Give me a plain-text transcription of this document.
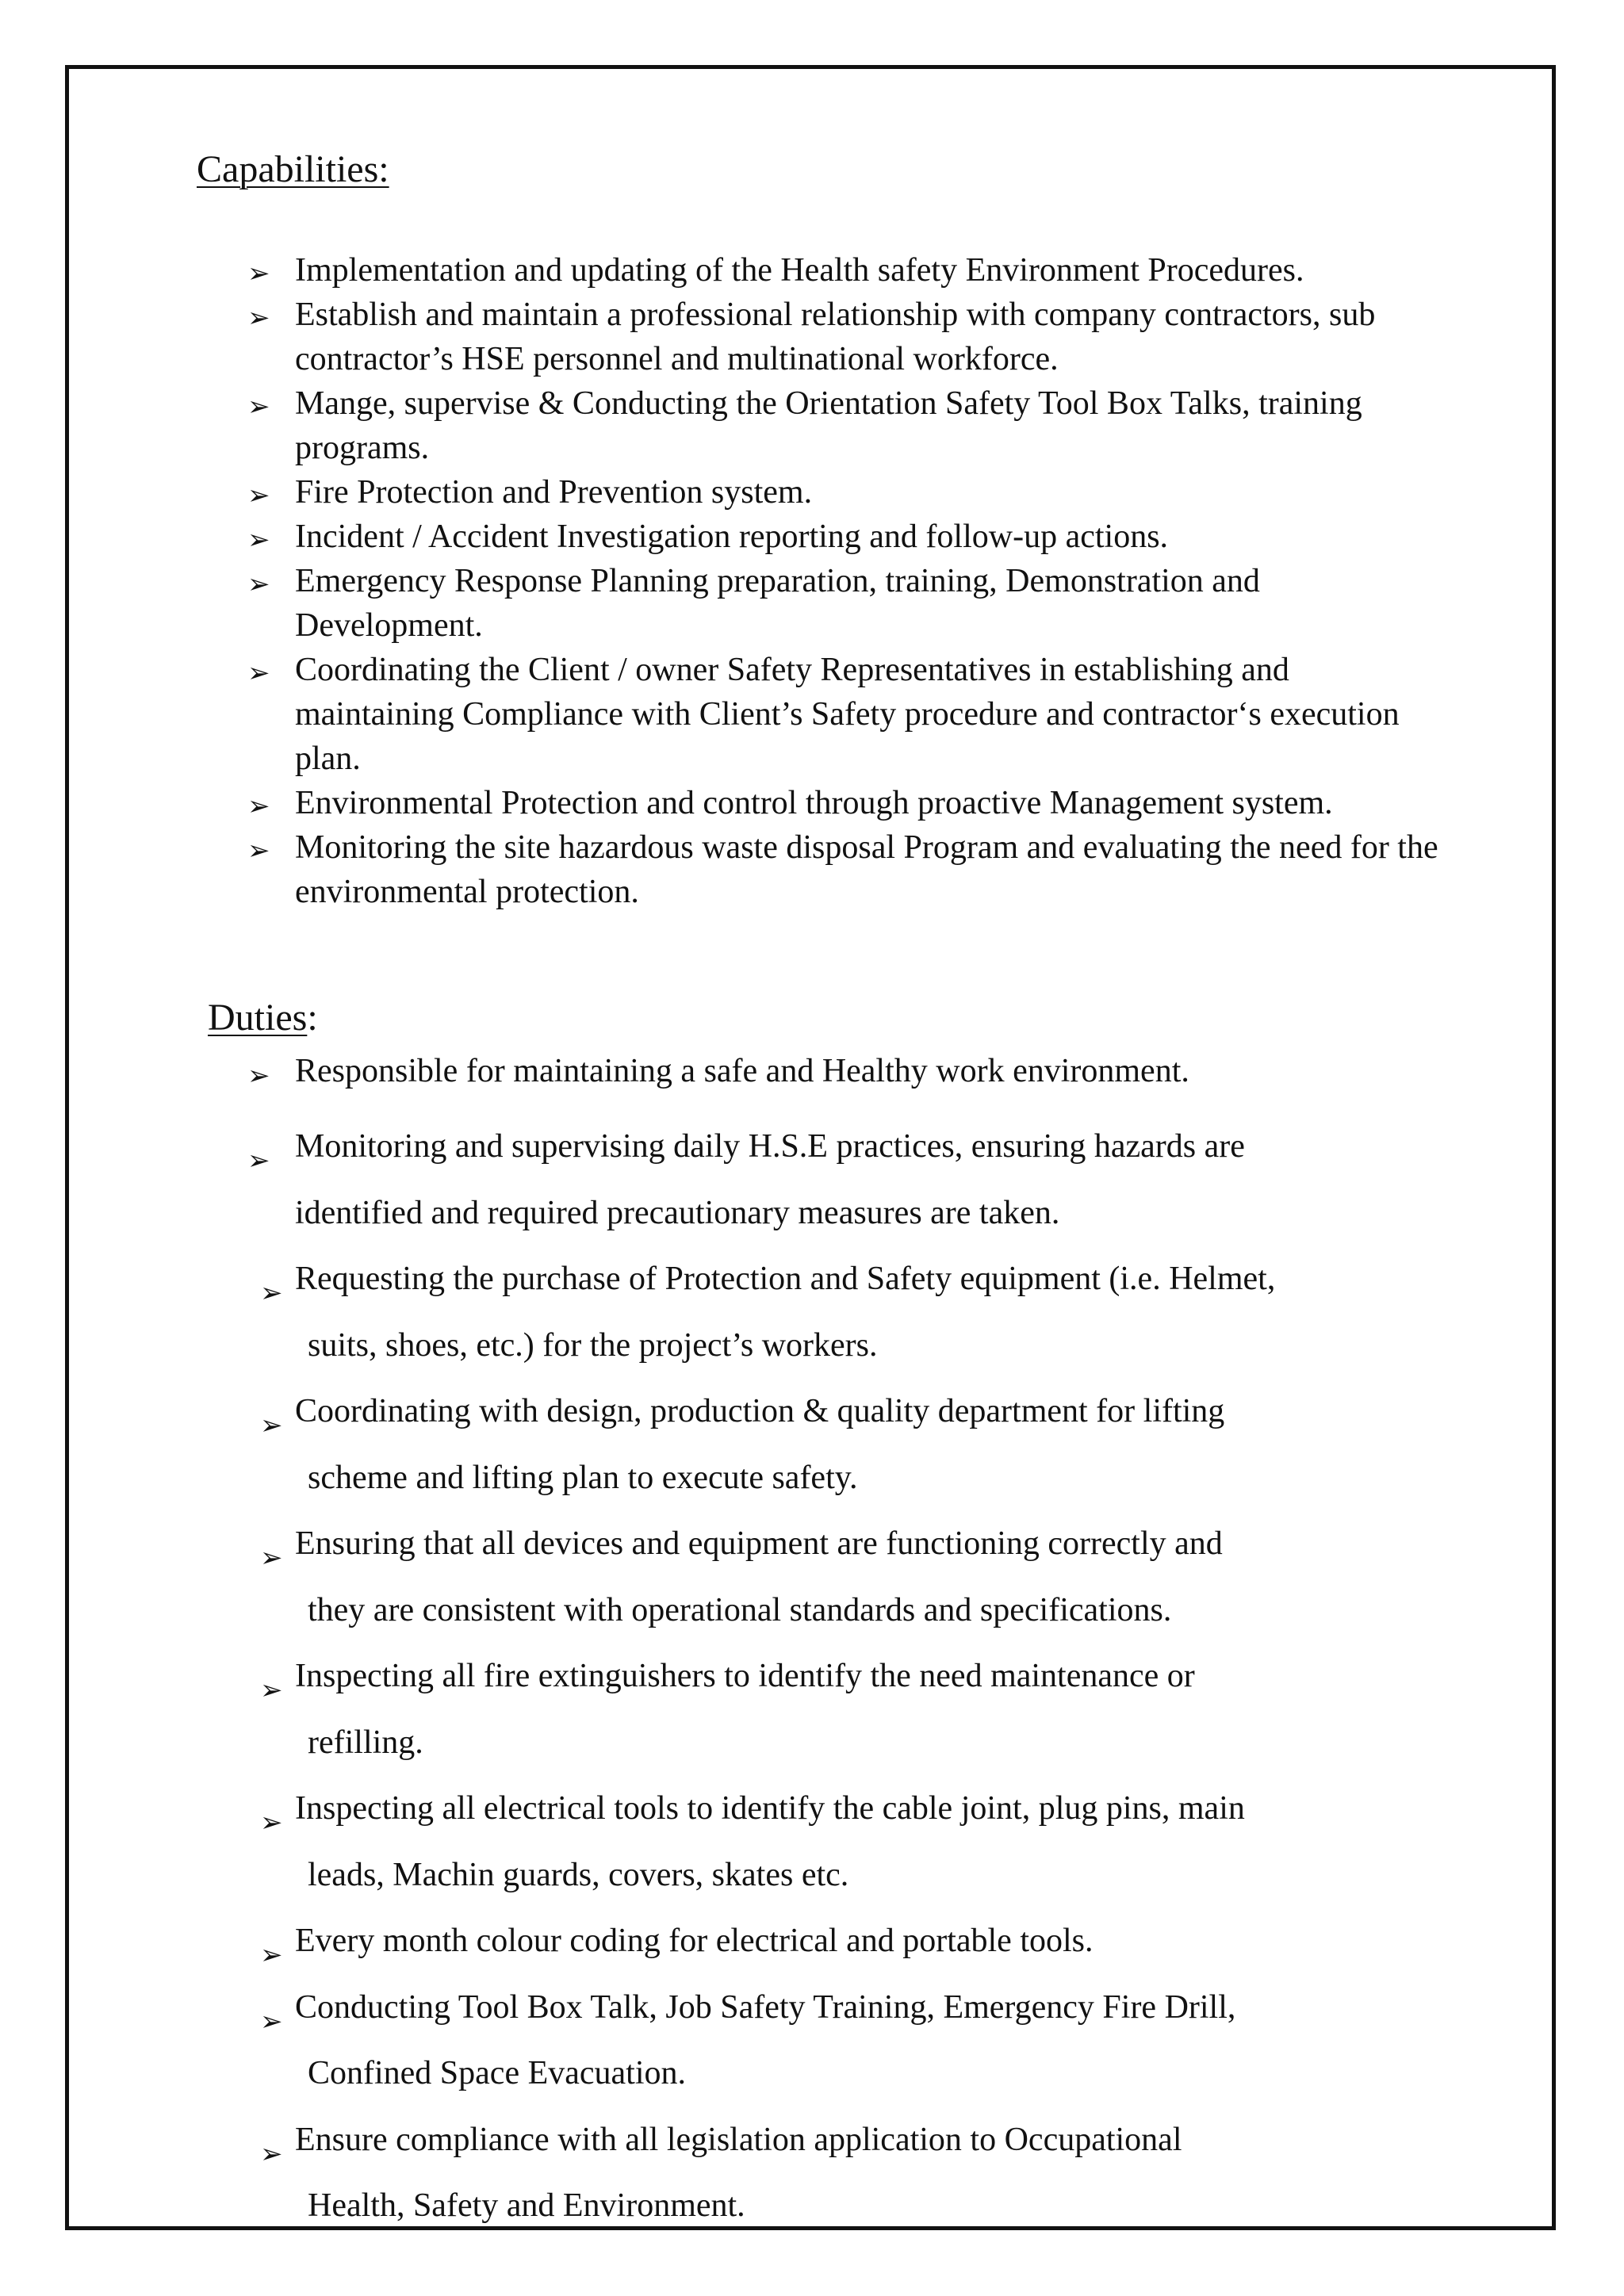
Capabilities:
➢ Implementation and updating of the Health safety Environment Procedures.
➢ Establish and maintain a professional relationship with company contractors, sub contractor’s HSE personnel and multinational workforce.
➢ Mange, supervise & Conducting the Orientation Safety Tool Box Talks, training programs.
➢ Fire Protection and Prevention system.
➢ Incident / Accident Investigation reporting and follow-up actions.
➢ Emergency Response Planning preparation, training, Demonstration and Development.
➢ Coordinating the Client / owner Safety Representatives in establishing and maintaining Compliance with Client’s Safety procedure and contractor‘s execution plan.
➢ Environmental Protection and control through proactive Management system.
➢ Monitoring the site hazardous waste disposal Program and evaluating the need for the environmental protection.
Duties:
➢ Responsible for maintaining a safe and Healthy work environment.
➢ Monitoring and supervising daily H.S.E practices, ensuring hazards are
identified and required precautionary measures are taken.
➢ Requesting the purchase of Protection and Safety equipment (i.e. Helmet,
suits, shoes, etc.) for the project’s workers.
➢ Coordinating with design, production & quality department for lifting
scheme and lifting plan to execute safety.
➢ Ensuring that all devices and equipment are functioning correctly and
they are consistent with operational standards and specifications.
➢ Inspecting all fire extinguishers to identify the need maintenance or
refilling.
➢ Inspecting all electrical tools to identify the cable joint, plug pins, main
leads, Machin guards, covers, skates etc.
➢ Every month colour coding for electrical and portable tools.
➢ Conducting Tool Box Talk, Job Safety Training, Emergency Fire Drill,
Confined Space Evacuation.
➢ Ensure compliance with all legislation application to Occupational
Health, Safety and Environment.
